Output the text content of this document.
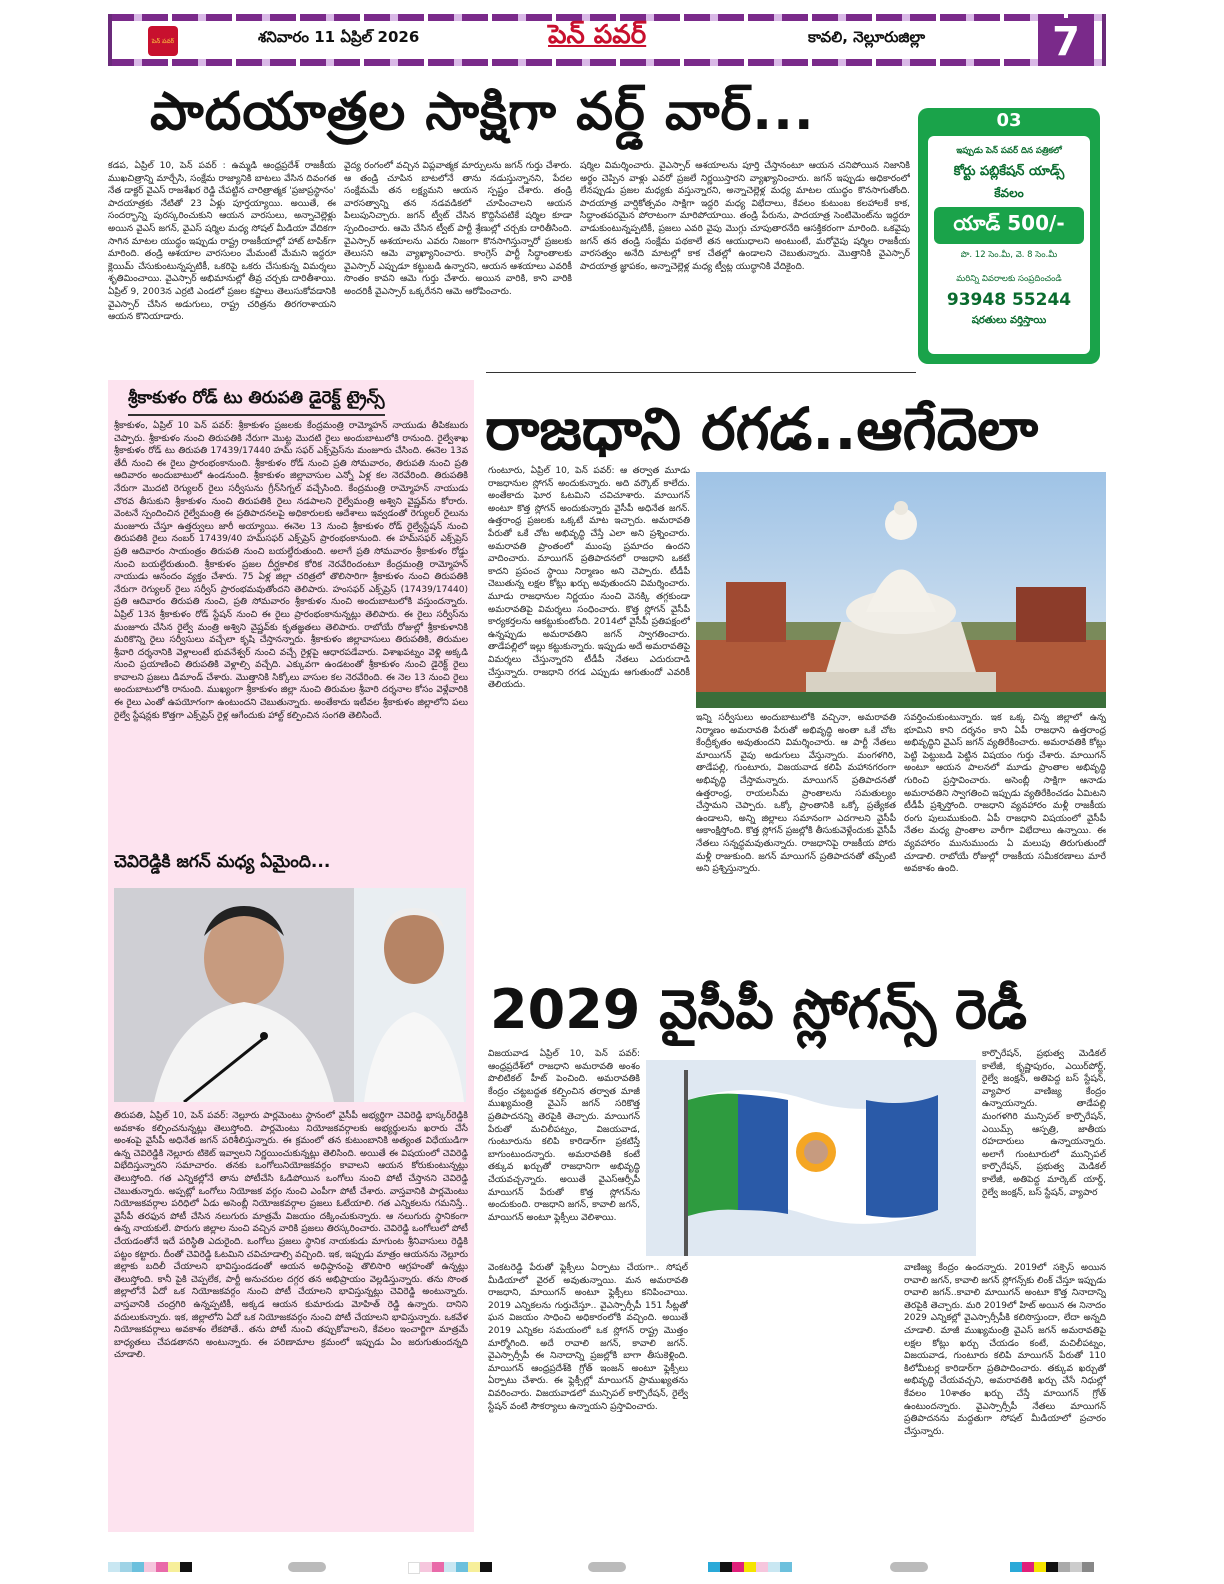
పెన్ పవర్	శనివారం 11 ఏప్రిల్ 2026	పెన్ పవర్	కావలి, నెల్లూరుజిల్లా	7
పాదయాత్రల సాక్షిగా వర్డ్ వార్...
కడప, ఏప్రిల్ 10, పెన్ పవర్ : ఉమ్మడి ఆంధ్రప్రదేశ్ రాజకీయ ముఖచిత్రాన్ని మార్చేసి, సంక్షేమ రాజ్యానికి బాటలు వేసిన దివంగత నేత డాక్టర్ వైఎస్ రాజశేఖర రెడ్డి చేపట్టిన చారిత్రాత్మక 'ప్రజాప్రస్థానం' పాదయాత్రకు నేటితో 23 ఏళ్లు పూర్తయ్యాయి. అయితే, ఈ సందర్భాన్ని పురస్కరించుకుని ఆయన వారసులు, అన్నాచెల్లెళ్లు అయిన వైఎస్ జగన్, వైఎస్ షర్మిల మధ్య సోషల్ మీడియా వేదికగా సాగిన మాటల యుద్ధం ఇప్పుడు రాష్ట్ర రాజకీయాల్లో హాట్ టాపిక్‌గా మారింది. తండ్రి ఆశయాల వారసులం మేమంటే మేమని ఇద్దరూ క్లెయిమ్ చేసుకుంటున్నప్పటికీ, ఒకరిపై ఒకరు చేసుకున్న విమర్శలు శృతిమించాయి. వైఎస్సార్ అభిమానుల్లో తీవ్ర చర్చకు దారితీశాయి. ఏప్రిల్ 9, 2003న ఎర్రటి ఎండలో ప్రజల కష్టాలు తెలుసుకోవడానికి వైఎస్సార్ చేసిన అడుగులు, రాష్ట్ర చరిత్రను తిరగరాశాయని ఆయన కొనియాడారు.
వైద్య రంగంలో వచ్చిన విప్లవాత్మక మార్పులను జగన్ గుర్తు చేశారు. ఆ తండ్రి చూపిన బాటలోనే తాను నడుస్తున్నానని, పేదల సంక్షేమమే తన లక్ష్యమని ఆయన స్పష్టం చేశారు. తండ్రి వారసత్వాన్ని తన నడవడికలో చూపించాలని ఆయన పిలుపునిచ్చారు. జగన్ ట్వీట్ చేసిన కొద్దిసేపటికే షర్మిల కూడా స్పందించారు. ఆమె చేసిన ట్వీట్ పార్టీ శ్రేణుల్లో చర్చకు దారితీసింది. వైఎస్సార్ ఆశయాలను ఎవరు నిజంగా కొనసాగిస్తున్నారో ప్రజలకు తెలుసని ఆమె వ్యాఖ్యానించారు. కాంగ్రెస్ పార్టీ సిద్ధాంతాలకు వైఎస్సార్ ఎప్పుడూ కట్టుబడి ఉన్నారని, ఆయన ఆశయాలు ఎవరికీ సొంతం కావని ఆమె గుర్తు చేశారు. అయిన వారికి, కాని వారికి అందరికీ వైఎస్సార్ ఒక్కరేనని ఆమె ఆరోపించారు.
షర్మిల విమర్శించారు. వైఎస్సార్ ఆశయాలను పూర్తి చేస్తానంటూ ఆయన చనిపోయిన నిజానికి అర్థం చెప్పిన వాళ్లు ఎవరో ప్రజలే నిర్ణయిస్తారని వ్యాఖ్యానించారు. జగన్ ఇప్పుడు అధికారంలో లేనప్పుడు ప్రజల మధ్యకు వస్తున్నారని, అన్నాచెల్లెళ్ల మధ్య మాటల యుద్ధం కొనసాగుతోంది. పాదయాత్ర వార్షికోత్సవం సాక్షిగా ఇద్దరి మధ్య విభేదాలు, కేవలం కుటుంబ కలహాలకే కాక, సిద్ధాంతపరమైన పోరాటంగా మారిపోయాయి. తండ్రి పేరును, పాదయాత్ర సెంటిమెంట్‌ను ఇద్దరూ వాడుకుంటున్నప్పటికీ, ప్రజలు ఎవరి వైపు మొగ్గు చూపుతారనేది ఆసక్తికరంగా మారింది. ఒకవైపు జగన్ తన తండ్రి సంక్షేమ పథకాలే తన ఆయుధాలని అంటుంటే, మరోవైపు షర్మిల రాజకీయ వారసత్వం అనేది మాటల్లో కాక చేతల్లో ఉండాలని చెబుతున్నారు. మొత్తానికి వైఎస్సార్ పాదయాత్ర జ్ఞాపకం, అన్నాచెల్లెళ్ల మధ్య ట్వీట్ల యుద్ధానికి వేదికైంది.
03
ఇప్పుడు పెన్ పవర్ దిన పత్రికలో
కోర్టు పబ్లికేషన్ యాడ్స్
కేవలం
యాడ్ 500/-
పొ. 12 సెం.మీ, వె. 8 సెం.మీ
మరిన్ని వివరాలకు సంప్రదించండి
93948 55244
షరతులు వర్తిస్తాయి
శ్రీకాకుళం రోడ్ టు తిరుపతి డైరెక్ట్ ట్రైన్స్
శ్రీకాకుళం, ఏప్రిల్ 10 పెన్ పవర్: శ్రీకాకుళం ప్రజలకు కేంద్రమంత్రి రామ్మోహన్ నాయుడు తీపికబురు చెప్పారు. శ్రీకాకుళం నుంచి తిరుపతికి నేరుగా మొట్ట మొదటి రైలు అందుబాటులోకి రానుంది. రైల్వేశాఖ శ్రీకాకుళం రోడ్ టు తిరుపతి 17439/17440 హమ్ సఫర్ ఎక్స్‌ప్రెస్‌ను మంజూరు చేసింది. ఈనెల 13వ తేదీ నుంచి ఈ రైలు ప్రారంభంకానుంది. శ్రీకాకుళం రోడ్ నుంచి ప్రతి సోమవారం, తిరుపతి నుంచి ప్రతి ఆదివారం అందుబాటులో ఉండనుంది. శ్రీకాకుళం జిల్లావాసుల ఎన్నో ఏళ్ల కల నెరవేరింది. తిరుపతికి నేరుగా మొదటి రెగ్యులర్ రైలు సర్వీసును గ్రీన్‌సిగ్నల్ వచ్చేసింది. కేంద్రమంత్రి రామ్మోహన్ నాయుడు చొరవ తీసుకుని శ్రీకాకుళం నుంచి తిరుపతికి రైలు నడపాలని రైల్వేమంత్రి అశ్విని వైష్ణవ్‌ను కోరారు. వెంటనే స్పందించిన రైల్వేమంత్రి ఈ ప్రతిపాదనలపై అధికారులకు ఆదేశాలు ఇవ్వడంతో రెగ్యులర్ రైలును మంజూరు చేస్తూ ఉత్తర్వులు జారీ అయ్యాయి. ఈనెల 13 నుంచి శ్రీకాకుళం రోడ్ రైల్వేస్టేషన్ నుంచి తిరుపతికి రైలు నంబర్ 17439/40 హమ్‌సఫర్ ఎక్స్‌ప్రెస్ ప్రారంభంకానుంది. ఈ హమ్‌సఫర్ ఎక్స్‌ప్రెస్ ప్రతి ఆదివారం సాయంత్రం తిరుపతి నుంచి బయల్దేరుతుంది. అలాగే ప్రతి సోమవారం శ్రీకాకుళం రోడ్డు నుంచి బయల్దేరుతుంది. శ్రీకాకుళం ప్రజల దీర్ఘకాలిక కోరిక నెరవేరిందంటూ కేంద్రమంత్రి రామ్మోహన్ నాయుడు ఆనందం వ్యక్తం చేశారు. 75 ఏళ్ల జిల్లా చరిత్రలో తొలిసారిగా శ్రీకాకుళం నుంచి తిరుపతికి నేరుగా రెగ్యులర్ రైలు సర్వీస్ ప్రారంభమవుతోందని తెలిపారు. హంసఫర్ ఎక్స్‌ప్రెస్ (17439/17440) ప్రతి ఆదివారం తిరుపతి నుంచి, ప్రతి సోమవారం శ్రీకాకుళం నుంచి అందుబాటులోకి వస్తుందన్నారు. ఏప్రిల్ 13న శ్రీకాకుళం రోడ్ స్టేషన్ నుంచి ఈ రైలు ప్రారంభంకానున్నట్లు తెలిపారు. ఈ రైలు సర్వీస్‌ను మంజూరు చేసిన రైల్వే మంత్రి అశ్విని వైష్ణవ్‌కు కృతజ్ఞతలు తెలిపారు. రాబోయే రోజుల్లో శ్రీకాకుళానికి మరికొన్ని రైలు సర్వీసులు వచ్చేలా కృషి చేస్తానన్నారు. శ్రీకాకుళం జిల్లావాసులు తిరుపతికి, తిరుమల శ్రీవారి దర్శనానికి వెళ్లాలంటే భువనేశ్వర్ నుంచి వచ్చే రైళ్లపై ఆధారపడేవారు. విశాఖపట్నం వెళ్లి అక్కడి నుంచి ప్రయాణించి తిరుపతికి వెళ్లాల్సి వచ్చేది. ఎక్కువగా ఉండటంతో శ్రీకాకుళం నుంచి డైరెక్ట్ రైలు కావాలని ప్రజలు డిమాండ్ చేశారు. మొత్తానికి సిక్కోలు వాసుల కల నెరవేరింది. ఈ నెల 13 నుంచి రైలు అందుబాటులోకి రానుంది. ముఖ్యంగా శ్రీకాకుళం జిల్లా నుంచి తిరుమల శ్రీవారి దర్శనాల కోసం వెళ్లేవారికి ఈ రైలు ఎంతో ఉపయోగంగా ఉంటుందని చెబుతున్నారు. అంతేకాదు ఇటీవల శ్రీకాకుళం జిల్లాలోని పలు రైల్వే స్టేషన్లకు కొత్తగా ఎక్స్‌ప్రెస్ రైళ్ల ఆగేందుకు హాల్ట్ కల్పించిన సంగతి తెలిసిందే.
చెవిరెడ్డికి జగన్ మధ్య ఏమైంది...
తిరుపతి, ఏప్రిల్ 10, పెన్ పవర్: నెల్లూరు పార్లమెంటు స్థానంలో వైసీపీ అభ్యర్థిగా చెవిరెడ్డి భాస్కర్‌రెడ్డికి అవకాశం కల్పించనున్నట్లు తెలుస్తోంది. పార్లమెంటు నియోజకవర్గాలకు అభ్యర్థులను ఖరారు చేసే అంశంపై వైసీపీ అధినేత జగన్ పరిశీలిస్తున్నారు. ఈ క్రమంలో తన కుటుంబానికి అత్యంత విధేయుడిగా ఉన్న చెవిరెడ్డికి నెల్లూరు టికెట్ ఇవ్వాలని నిర్ణయించుకున్నట్లు తెలిసింది. అయితే ఈ విషయంలో చెవిరెడ్డి విభేదిస్తున్నారని సమాచారం. తనకు ఒంగోలునియోజకవర్గం కావాలని ఆయన కోరుకుంటున్నట్లు తెలుస్తోంది. గత ఎన్నికల్లోనే తాను పోటీచేసి ఓడిపోయిన ఒంగోలు నుంచి పోటీ చేస్తానని చెవిరెడ్డి చెబుతున్నారు. అప్పట్లో ఒంగోలు నియోజక వర్గం నుంచి ఎంపీగా పోటీ చేశారు. వాస్తవానికి పార్లమెంటు నియోజకవర్గాల పరిధిలో ఏడు అసెంబ్లీ నియోజకవర్గాల ప్రజలు ఓటేయాలి. గత ఎన్నికలను గమనిస్తే.. వైసీపీ తరఫున పోటీ చేసిన నలుగురు మాత్రమే విజయం దక్కించుకున్నారు. ఆ నలుగురు స్థానికంగా ఉన్న నాయకులే. పొరుగు జిల్లాల నుంచి వచ్చిన వారికి ప్రజలు తిరస్కరించారు. చెవిరెడ్డి ఒంగోలులో పోటీ చేయడంతోనే ఇదే పరిస్థితి ఎదురైంది. ఒంగోలు ప్రజలు స్థానిక నాయకుడు మాగుంట శ్రీనివాసులు రెడ్డికి పట్టం కట్టారు. దీంతో చెవిరెడ్డి ఓటమిని చవిచూడాల్సి వచ్చింది. ఇక, ఇప్పుడు మాత్రం ఆయనను నెల్లూరు జిల్లాకు బదిలీ చేయాలని భావిస్తుండడంతో ఆయన అధిష్ఠానంపై తొలిసారి ఆగ్రహంతో ఉన్నట్లు తెలుస్తోంది. కానీ పైకి చెప్పలేక, పార్టీ అనుచరుల దగ్గర తన అభిప్రాయం వెల్లడిస్తున్నారు. తను సొంత జిల్లాలోనే ఏదో ఒక నియోజకవర్గం నుంచి పోటీ చేయాలని భావిస్తున్నట్లు చెవిరెడ్డి అంటున్నారు. వాస్తవానికి చంద్రగిరి ఉన్నప్పటికీ, అక్కడ ఆయన కుమారుడు మోహిత్ రెడ్డి ఉన్నారు. దానిని వదులుకున్నారు. ఇక, జిల్లాలోని ఏదో ఒక నియోజకవర్గం నుంచి పోటీ చేయాలని భావిస్తున్నారు. ఒకవేళ నియోజకవర్గాలు అవకాశం లేకపోతే.. తను పోటీ నుంచి తప్పుకోవాలని, కేవలం ఇంచార్జిగా మాత్రమే బాధ్యతలు చేపడతానని అంటున్నారు. ఈ పరిణామాల క్రమంలో ఇప్పుడు ఏం జరుగుతుందన్నది చూడాలి.
రాజధాని రగడ..ఆగేదెలా
గుంటూరు, ఏప్రిల్ 10, పెన్ పవర్: ఆ తర్వాత మూడు రాజధానుల స్లోగన్ అందుకున్నారు. అది వర్కౌట్ కాలేదు. అంతేకాదు ఘోర ఓటమిని చవిచూశారు. మాయిగన్ అంటూ కొత్త స్లోగన్ అందుకున్నారు వైసీపీ అధినేత జగన్. ఉత్తరాంధ్ర ప్రజలకు ఒక్కటే మాట ఇచ్చారు. అమరావతి పేరుతో ఒకే చోట అభివృద్ధి చేస్తే ఎలా అని ప్రశ్నించారు. అమరావతి ప్రాంతంలో ముంపు ప్రమాదం ఉందని వాదించారు. మాయిగన్ ప్రతిపాదనలో రాజధాని ఒకటే కాదని ప్రపంచ స్థాయి నిర్మాణం అని చెప్పారు. టీడీపీ చెబుతున్న లక్షల కోట్లు ఖర్చు అవుతుందని విమర్శించారు. మూడు రాజధానుల నిర్ణయం నుంచి వెనక్కి తగ్గకుండా అమరావతిపై విమర్శలు సంధించారు. కొత్త స్లోగన్ వైసీపీ కార్యకర్తలను ఆకట్టుకుంటోంది. 2014లో వైసీపీ ప్రతిపక్షంలో ఉన్నప్పుడు అమరావతిని జగన్ స్వాగతించారు. తాడేపల్లిలో ఇల్లు కట్టుకున్నారు. ఇప్పుడు అదే అమరావతిపై విమర్శలు చేస్తున్నారని టీడీపీ నేతలు ఎదురుదాడి చేస్తున్నారు. రాజధాని రగడ ఎప్పుడు ఆగుతుందో ఎవరికీ తెలియదు.
ఇన్ని సర్వీసులు అందుబాటులోకి వచ్చినా, అమరావతి నిర్మాణం అమరావతి పేరుతో అభివృద్ధి అంతా ఒకే చోట కేంద్రీకృతం అవుతుందని విమర్శించారు. ఆ పార్టీ నేతలు మాయిగన్ వైపు అడుగులు వేస్తున్నారు. మంగళగిరి, తాడేపల్లి, గుంటూరు, విజయవాడ కలిపి మహానగరంగా అభివృద్ధి చేస్తామన్నారు. మాయిగన్ ప్రతిపాదనతో ఉత్తరాంధ్ర, రాయలసీమ ప్రాంతాలను సమతుల్యం చేస్తామని చెప్పారు. ఒక్కో ప్రాంతానికి ఒక్కో ప్రత్యేకత ఉండాలని, అన్ని జిల్లాలు సమానంగా ఎదగాలని వైసీపీ ఆకాంక్షిస్తోంది. కొత్త స్లోగన్ ప్రజల్లోకి తీసుకువెళ్లేందుకు వైసీపీ నేతలు సన్నద్ధమవుతున్నారు. రాజధానిపై రాజకీయ పోరు మళ్లీ రాజుకుంది. జగన్ మాయిగన్ ప్రతిపాదనతో తప్పేంటి అని ప్రశ్నిస్తున్నారు.
సవర్తించుకుంటున్నారు. ఇక ఒక్క చిన్న జిల్లాలో ఉన్న భూమిని కాని దర్శనం కాని ఏపీ రాజధాని ఉత్తరాంధ్ర అభివృద్ధిని వైఎస్ జగన్ వ్యతిరేకించారు. అమరావతికి కోట్లు పెట్టి పెట్టుబడి పెట్టిన విషయం గుర్తు చేశారు. మాయిగన్ అంటూ ఆయన పాలనలో మూడు ప్రాంతాల అభివృద్ధి గురించి ప్రస్తావించారు. అసెంబ్లీ సాక్షిగా ఆనాడు అమరావతిని స్వాగతించి ఇప్పుడు వ్యతిరేకించడం ఏమిటని టీడీపీ ప్రశ్నిస్తోంది. రాజధాని వ్యవహారం మళ్లీ రాజకీయ రంగు పులుముకుంది. ఏపీ రాజధాని విషయంలో వైసీపీ నేతల మధ్య ప్రాంతాల వారీగా విభేదాలు ఉన్నాయి. ఈ వ్యవహారం మునుముందు ఏ మలుపు తిరుగుతుందో చూడాలి. రాబోయే రోజుల్లో రాజకీయ సమీకరణాలు మారే అవకాశం ఉంది.
2029 వైసీపీ స్లోగన్స్ రెడీ
విజయవాడ ఏప్రిల్ 10, పెన్ పవర్: ఆంధ్రప్రదేశ్‌లో రాజధాని అమరావతి అంశం పొలిటికల్ హీట్ పెంచింది. అమరావతికి కేంద్రం చట్టబద్దత కల్పించిన తర్వాత మాజీ ముఖ్యమంత్రి వైఎస్ జగన్ సరికొత్త ప్రతిపాదనన్ని తెరపైకి తెచ్చారు. మాయిగన్ పేరుతో మచిలీపట్నం, విజయవాడ, గుంటూరును కలిపి కారిడార్‌గా ప్రకటిస్తే బాగుంటుందన్నారు. అమరావతికి కంటే తక్కువ ఖర్చుతో రాజధానిగా అభివృద్ధి చేయవచ్చన్నారు. అయితే వైఎస్ఆర్సీపీ మాయిగన్ పేరుతో కొత్త స్లోగన్‌ను అందుకుంది. రాజధాని జగన్, కావాలి జగన్, మాయిగన్ అంటూ ఫ్లెక్సీలు వెలిశాయి.
కార్పొరేషన్, ప్రభుత్వ మెడికల్ కాలేజీ, కృష్ణాపురం, ఎయిర్‌పోర్ట్, రైల్వే జంక్షన్, అతిపెద్ద బస్ స్టేషన్, వ్యాపార వాణిజ్య కేంద్రం ఉన్నాయన్నారు. తాడేపల్లి మంగళగిరి మున్సిపల్ కార్పొరేషన్, ఎయిమ్స్ ఆస్పత్రి, జాతీయ రహదారులు ఉన్నాయన్నారు. అలాగే గుంటూరులో మున్సిపల్ కార్పొరేషన్, ప్రభుత్వ మెడికల్ కాలేజీ, అతిపెద్ద మార్కెట్ యార్డ్, రైల్వే జంక్షన్, బస్ స్టేషన్, వ్యాపార
వెంకటరెడ్డి పేరుతో ఫ్లెక్సీలు ఏర్పాటు చేయగా.. సోషల్ మీడియాలో వైరల్ అవుతున్నాయి. మన అమరావతి రాజధాని, మాయిగన్ అంటూ ఫ్లెక్సీలు కనిపించాయి. 2019 ఎన్నికలను గుర్తుచేస్తూ.. వైఎస్సార్సీపీ 151 సీట్లతో ఘన విజయం సాధించి అధికారంలోకి వచ్చింది. అయితే 2019 ఎన్నికల సమయంలో ఒక స్లోగన్ రాష్ట్ర మొత్తం మార్మోగింది. అదే రావాలి జగన్, కావాలి జగన్. వైఎస్సార్సీపీ ఈ నినాదాన్ని ప్రజల్లోకి బాగా తీసుకెళ్లింది. మాయిగన్ ఆంధ్రప్రదేశ్‌కి గ్రోత్ ఇంజన్ అంటూ ఫ్లెక్సీలు ఏర్పాటు చేశారు. ఈ ఫ్లెక్సీల్లో మాయిగన్ ప్రాముఖ్యతను వివరించారు. విజయవాడలో మున్సిపల్ కార్పొరేషన్, రైల్వే స్టేషన్ వంటి సౌకర్యాలు ఉన్నాయని ప్రస్తావించారు.
వాణిజ్య కేంద్రం ఉందన్నారు. 2019లో సక్సెస్ అయిన రావాలి జగన్, కావాలి జగన్ స్లోగన్స్‌కు లింక్ చేస్తూ ఇప్పుడు రావాలి జగన్..కావాలి మాయిగన్ అంటూ కొత్త నినాదాన్ని తెరపైకి తెచ్చారు. మరి 2019లో హిట్ అయిన ఈ నినాదం 2029 ఎన్నికల్లో వైఎస్సార్సీపీకి కలిసొస్తుందా, లేదా అన్నది చూడాలి. మాజీ ముఖ్యమంత్రి వైఎస్ జగన్ అమరావతిపై లక్షల కోట్లు ఖర్చు చేయడం కంటే, మచిలీపట్నం, విజయవాడ, గుంటూరు కలిపి మాయిగన్ పేరుతో 110 కిలోమీటర్ల కారిడార్‌గా ప్రతిపాదించారు. తక్కువ ఖర్చుతో అభివృద్ధి చేయవచ్చని, అమరావతికి ఖర్చు చేసే నిధుల్లో కేవలం 10శాతం ఖర్చు చేస్తే మాయిగన్ గ్రోత్ ఉంటుందన్నారు. వైఎస్సార్సీపీ నేతలు మాయిగన్ ప్రతిపాదనను మద్దతుగా సోషల్ మీడియాలో ప్రచారం చేస్తున్నారు.
